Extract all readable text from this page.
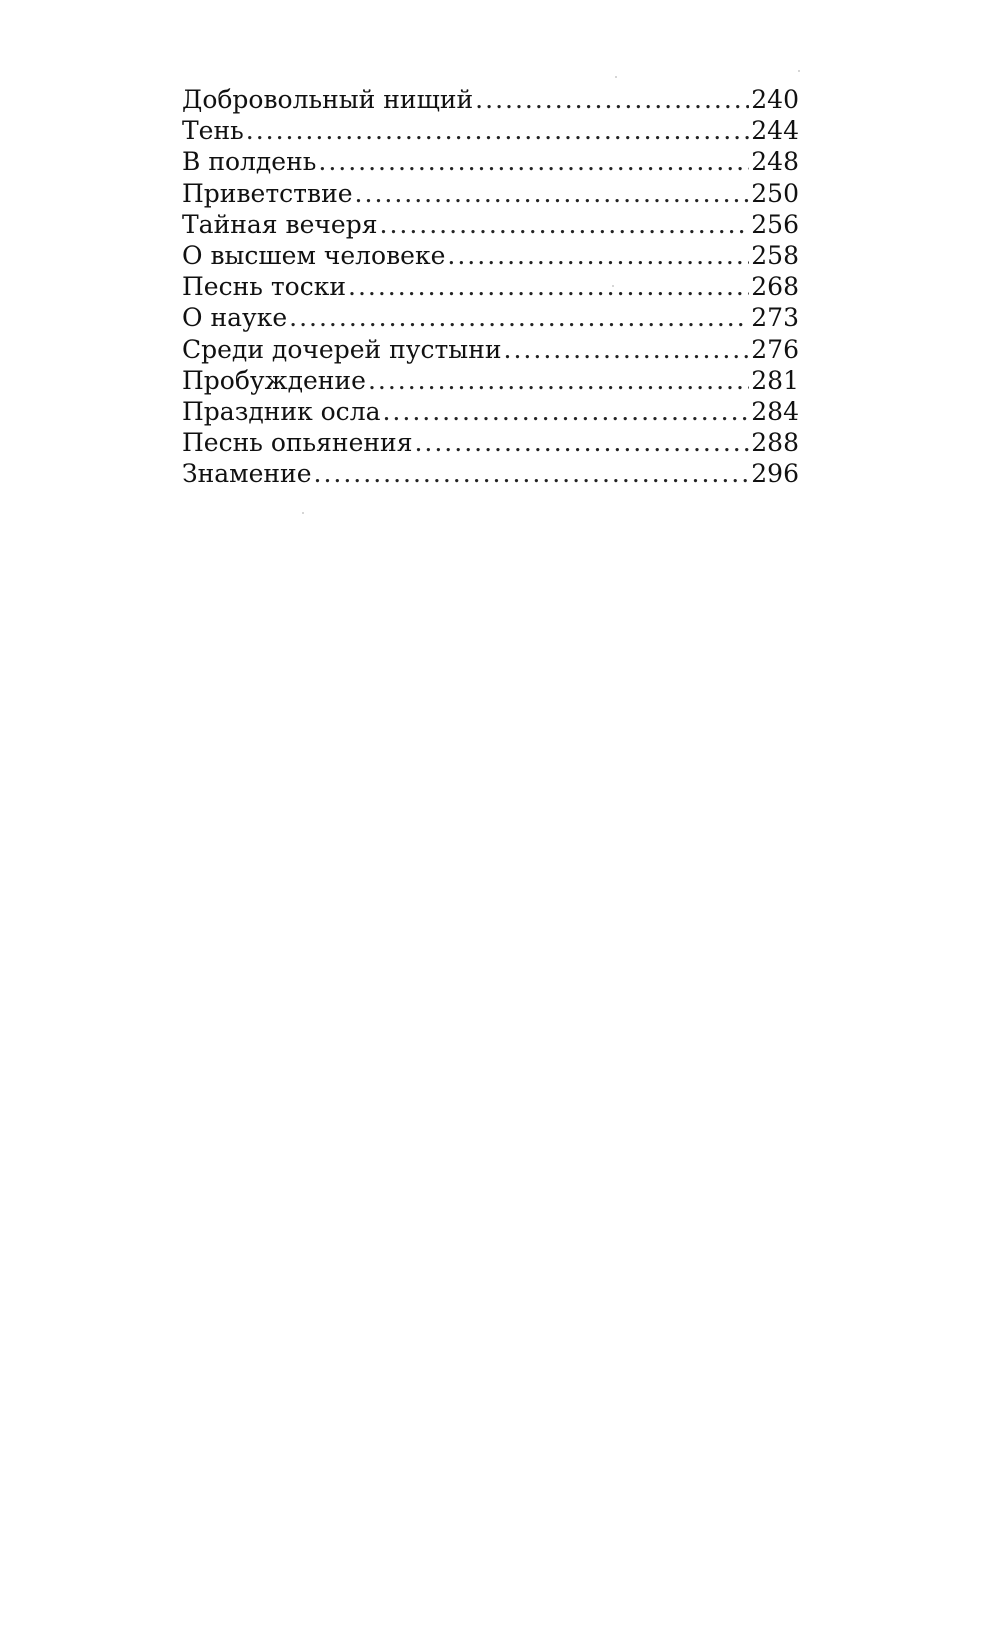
Добровольный нищий .....	240
Тень .....	244
В полдень .....	248
Приветствие .....	250
Тайная вечеря .....	256
О высшем человеке .....	258
Песнь тоски .....	268
О науке .....	273
Среди дочерей пустыни .....	276
Пробуждение .....	281
Праздник осла .....	284
Песнь опьянения .....	288
Знамение .....	296
